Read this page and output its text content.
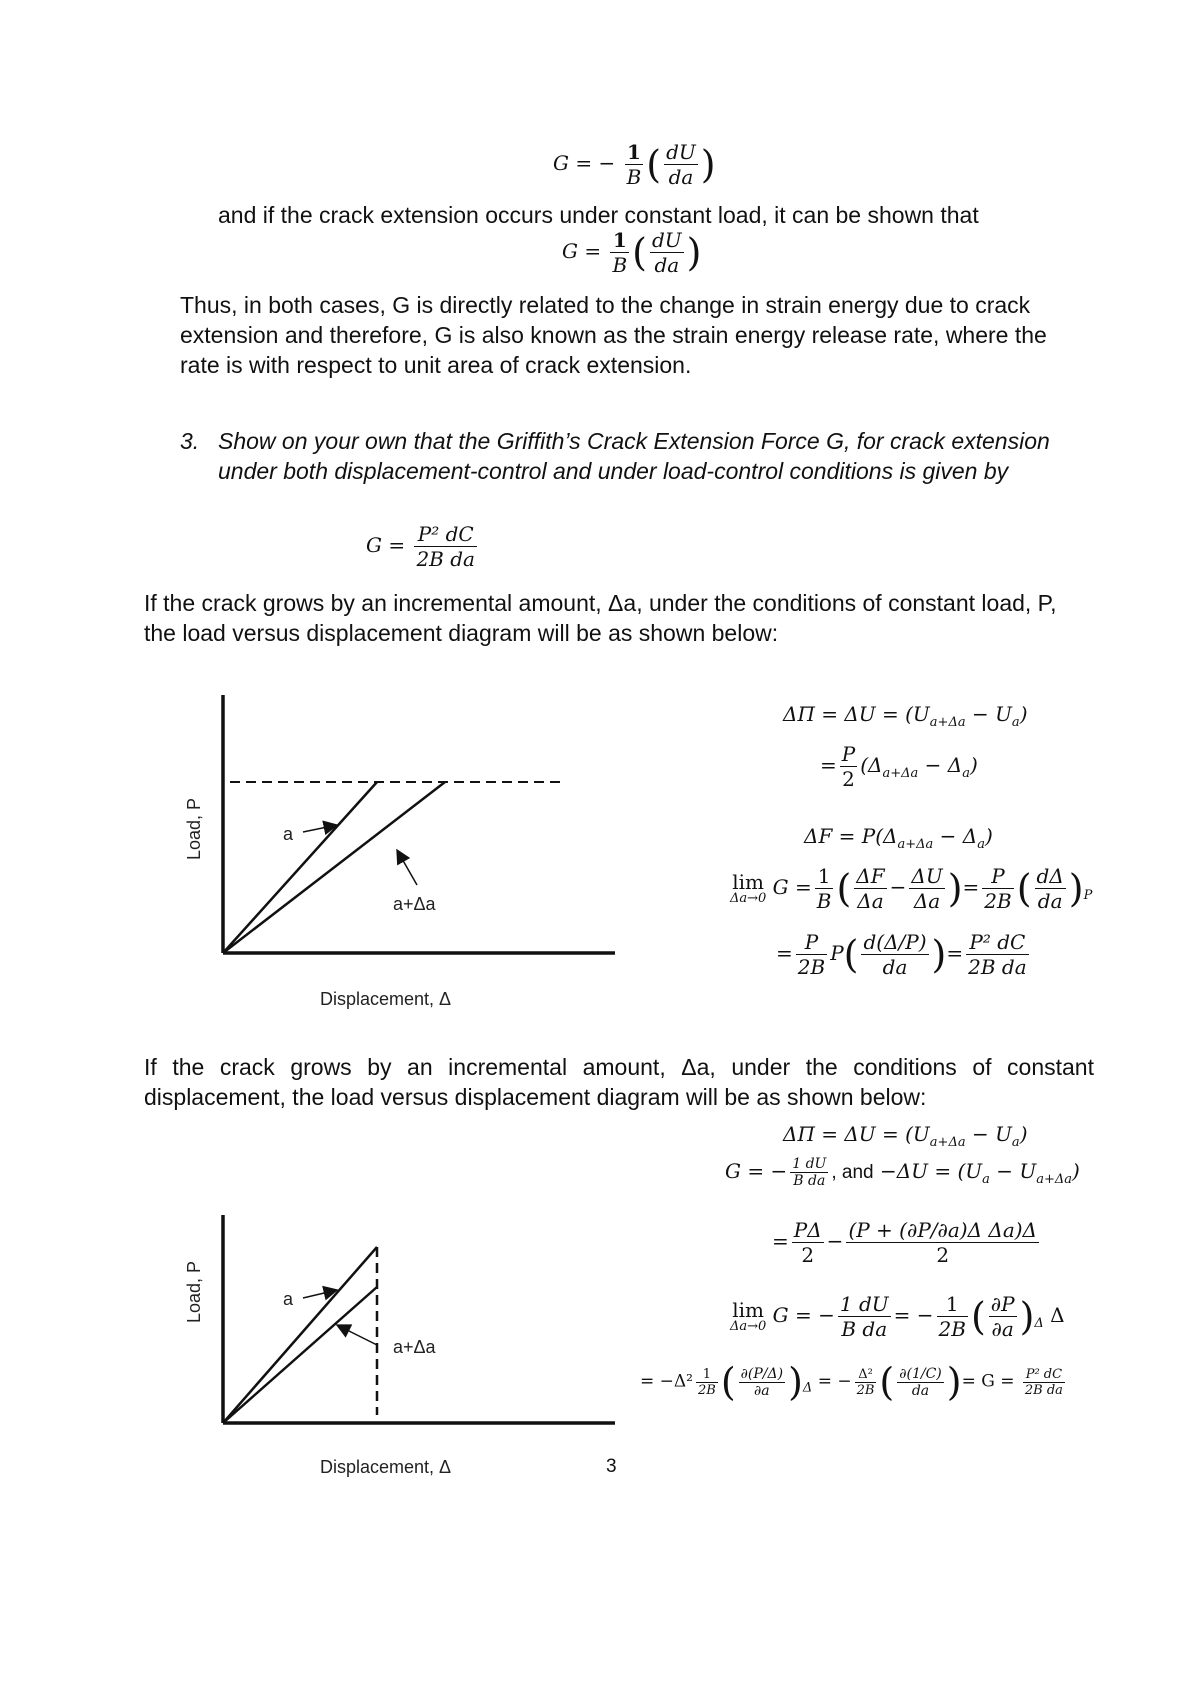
G = − $\frac{1}{B}$ ( $\frac{dU}{da}$ )
and if the crack extension occurs under constant load, it can be shown that
$G = \frac{1}{B}$ ( $\frac{dU}{da}$ )
Thus, in both cases, G is directly related to the change in strain energy due to crack extension and therefore, G is also known as the strain energy release rate, where the rate is with respect to unit area of crack extension.
3. Show on your own that the Griffith’s Crack Extension Force G, for crack extension under both displacement-control and under load-control conditions is given by
$G = \frac{\text{P² dC}}{\text{2B da}}$
If the crack grows by an incremental amount, Δa, under the conditions of constant load, P, the load versus displacement diagram will be as shown below:
a
a+Δa
Load, P
Displacement, Δ
$\Delta\Pi = \Delta U = (U_{a+\Delta a} - U_a)$
= $\frac{P}{2} (\Delta_{a+\Delta a} - \Delta_a)$
$\Delta F = P(\Delta_{a+\Delta a} - \Delta_a)$
lim
Δa→0 $G = \frac{1}{B}$ ( $\frac{\Delta F}{\Delta a} - \frac{\Delta U}{\Delta a}$ )= $\frac{P}{2B}$ ( $\frac{d\Delta}{da} )_P$
= $\frac{P}{2B} P( \frac{d(\Delta/P)}{da}$ )= $\frac{\text{P² dC}}{\text{2B da}}$
If the crack grows by an incremental amount, Δa, under the conditions of constant displacement, the load versus displacement diagram will be as shown below:
a
a+Δa
Load, P
Displacement, Δ
$\Delta\Pi = \Delta U = (U_{a+\Delta a} - U_a)$
G = − $\frac{1 dU}{\text{B da}}$ , and $-\Delta U = (U_a - U_{a+\Delta a})$
= $\frac{P\Delta}{2} - \frac{\text{(P + (∂P/∂a)Δ Δa)Δ}}{2}$
lim
Δa→0 G = − $\frac{1 dU}{\text{B da}}$ = − $\frac{1}{2B}$ ( $\frac{\partial P}{\partial a} )_\Delta$ Δ
= $-\Delta^2 \frac{1}{2B}$ ( $\frac{\partial(P/\Delta)}{\partial a} )_\Delta$ = − $\frac{\text{Δ²}}{2B}$ ( $\frac{\partial(1/C)}{da}$ )= $G = \frac{\text{P² dC}}{\text{2B da}}$
3
